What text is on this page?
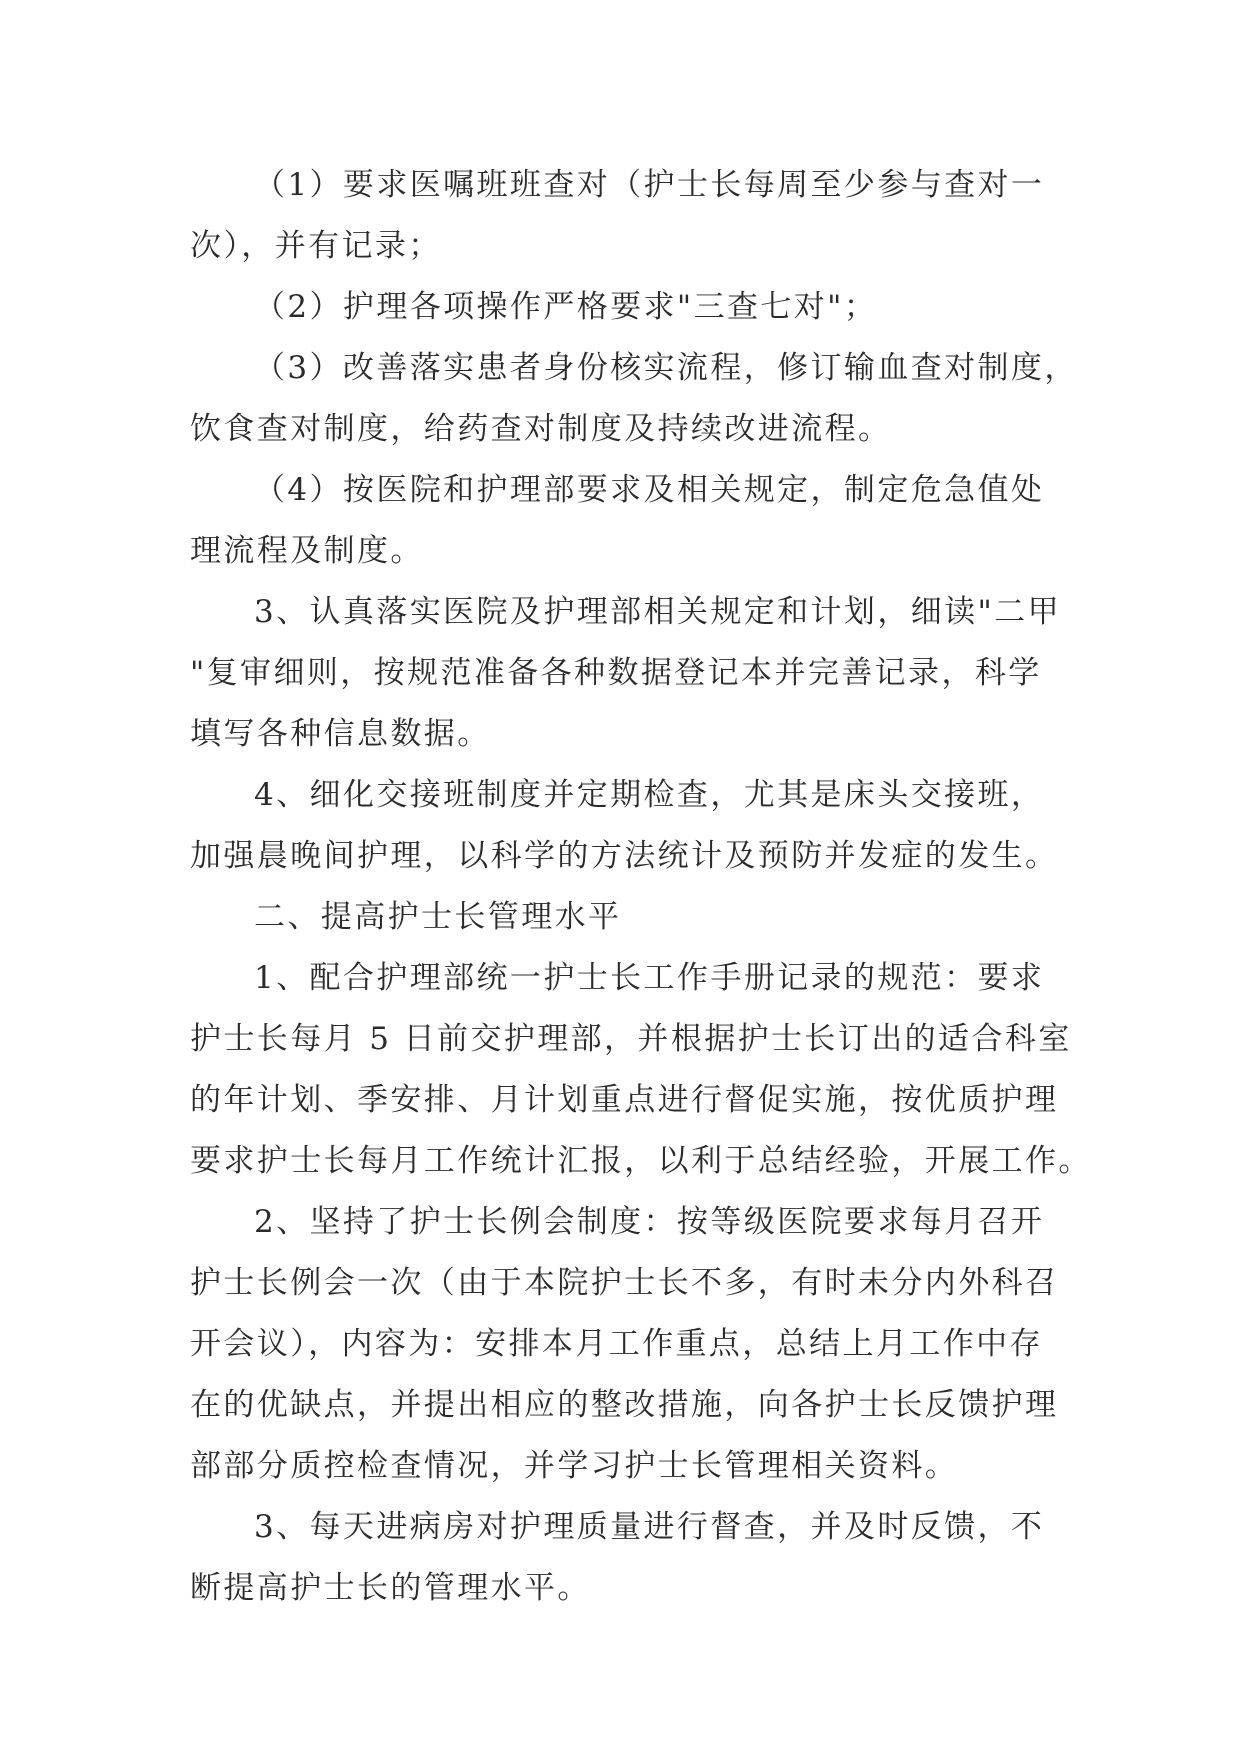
（1）要求医嘱班班查对（护士长每周至少参与查对一
次），并有记录；
（2）护理各项操作严格要求"三查七对"；
（3）改善落实患者身份核实流程，修订输血查对制度，
饮食查对制度，给药查对制度及持续改进流程。
（4）按医院和护理部要求及相关规定，制定危急值处
理流程及制度。
3、认真落实医院及护理部相关规定和计划，细读"二甲
"复审细则，按规范准备各种数据登记本并完善记录，科学
填写各种信息数据。
4、细化交接班制度并定期检查，尤其是床头交接班，
加强晨晚间护理，以科学的方法统计及预防并发症的发生。
二、提高护士长管理水平
1、配合护理部统一护士长工作手册记录的规范：要求
护士长每月 5 日前交护理部，并根据护士长订出的适合科室
的年计划、季安排、月计划重点进行督促实施，按优质护理
要求护士长每月工作统计汇报，以利于总结经验，开展工作。
2、坚持了护士长例会制度：按等级医院要求每月召开
护士长例会一次（由于本院护士长不多，有时未分内外科召
开会议），内容为：安排本月工作重点，总结上月工作中存
在的优缺点，并提出相应的整改措施，向各护士长反馈护理
部部分质控检查情况，并学习护士长管理相关资料。
3、每天进病房对护理质量进行督查，并及时反馈，不
断提高护士长的管理水平。
